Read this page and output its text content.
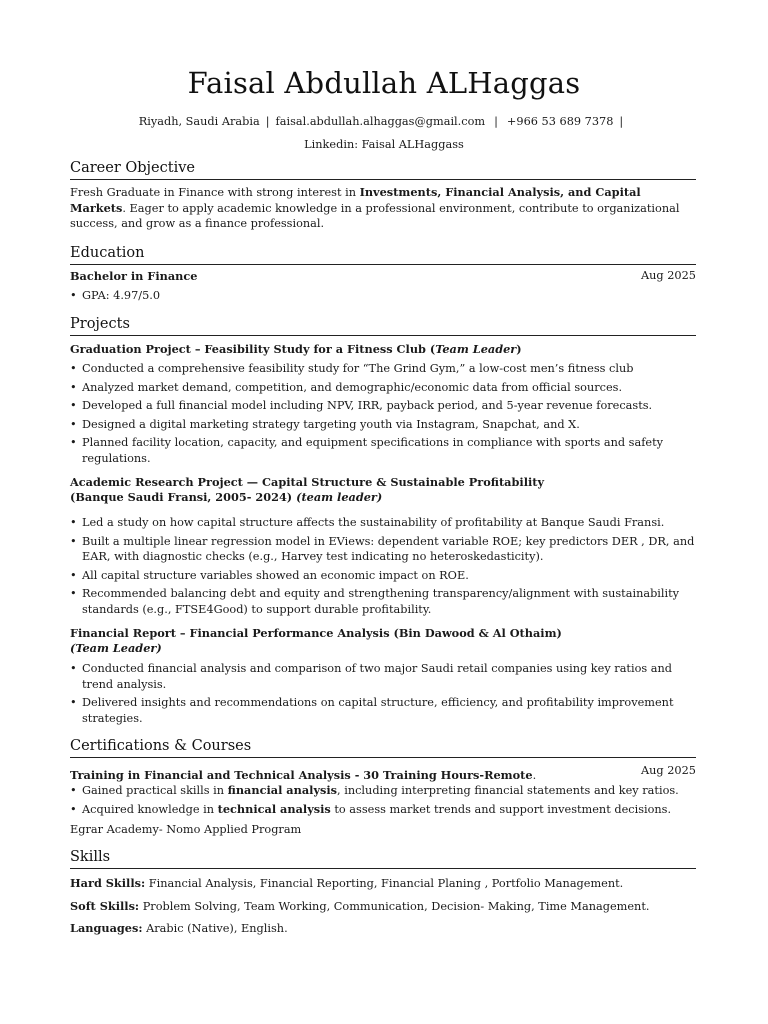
Faisal Abdullah ALHaggas
Riyadh, Saudi Arabia | faisal.abdullah.alhaggas@gmail.com | +966 53 689 7378 |
Linkedin: Faisal ALHaggass
Career Objective
Fresh Graduate in Finance with strong interest in Investments, Financial Analysis, and Capital Markets. Eager to apply academic knowledge in a professional environment, contribute to organizational success, and grow as a finance professional.
Education
Bachelor in Finance	Aug 2025
• GPA: 4.97/5.0
Projects
Graduation Project – Feasibility Study for a Fitness Club (Team Leader)
• Conducted a comprehensive feasibility study for “The Grind Gym,” a low-cost men’s fitness club
• Analyzed market demand, competition, and demographic/economic data from official sources.
• Developed a full financial model including NPV, IRR, payback period, and 5-year revenue forecasts.
• Designed a digital marketing strategy targeting youth via Instagram, Snapchat, and X.
• Planned facility location, capacity, and equipment specifications in compliance with sports and safety regulations.
Academic Research Project — Capital Structure & Sustainable Profitability
(Banque Saudi Fransi, 2005- 2024) (team leader)
• Led a study on how capital structure affects the sustainability of profitability at Banque Saudi Fransi.
• Built a multiple linear regression model in EViews: dependent variable ROE; key predictors DER , DR, and EAR, with diagnostic checks (e.g., Harvey test indicating no heteroskedasticity).
• All capital structure variables showed an economic impact on ROE.
• Recommended balancing debt and equity and strengthening transparency/alignment with sustainability standards (e.g., FTSE4Good) to support durable profitability.
Financial Report – Financial Performance Analysis (Bin Dawood & Al Othaim)
(Team Leader)
• Conducted financial analysis and comparison of two major Saudi retail companies using key ratios and trend analysis.
• Delivered insights and recommendations on capital structure, efficiency, and profitability improvement strategies.
Certifications & Courses
Training in Financial and Technical Analysis - 30 Training Hours-Remote.	Aug 2025
• Gained practical skills in financial analysis, including interpreting financial statements and key ratios.
• Acquired knowledge in technical analysis to assess market trends and support investment decisions.
Egrar Academy- Nomo Applied Program
Skills
Hard Skills: Financial Analysis, Financial Reporting, Financial Planing , Portfolio Management.
Soft Skills: Problem Solving, Team Working, Communication, Decision- Making, Time Management.
Languages: Arabic (Native), English.
